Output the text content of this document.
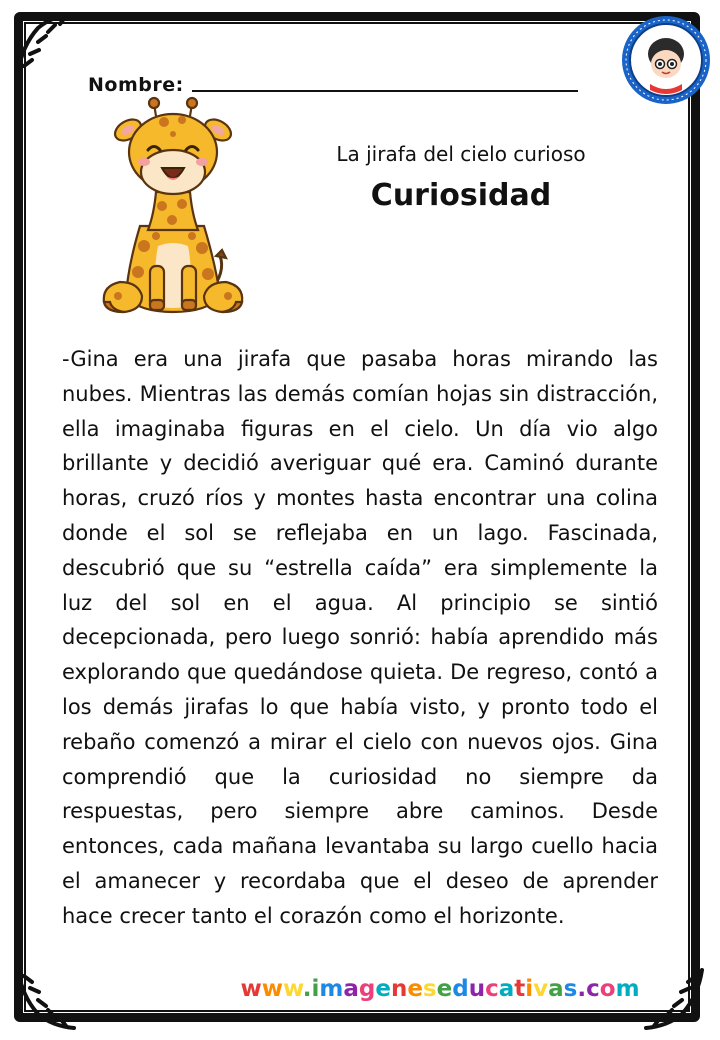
Nombre:
La jirafa del cielo curioso
Curiosidad
-Gina era una jirafa que pasaba horas mirando las nubes. Mientras las demás comían hojas sin distracción, ella imaginaba figuras en el cielo. Un día vio algo brillante y decidió averiguar qué era. Caminó durante horas, cruzó ríos y montes hasta encontrar una colina donde el sol se reflejaba en un lago. Fascinada, descubrió que su “estrella caída” era simplemente la luz del sol en el agua. Al principio se sintió decepcionada, pero luego sonrió: había aprendido más explorando que quedándose quieta. De regreso, contó a los demás jirafas lo que había visto, y pronto todo el rebaño comenzó a mirar el cielo con nuevos ojos. Gina comprendió que la curiosidad no siempre da respuestas, pero siempre abre caminos. Desde entonces, cada mañana levantaba su largo cuello hacia el amanecer y recordaba que el deseo de aprender hace crecer tanto el corazón como el horizonte.
www.imageneseducativas.com
